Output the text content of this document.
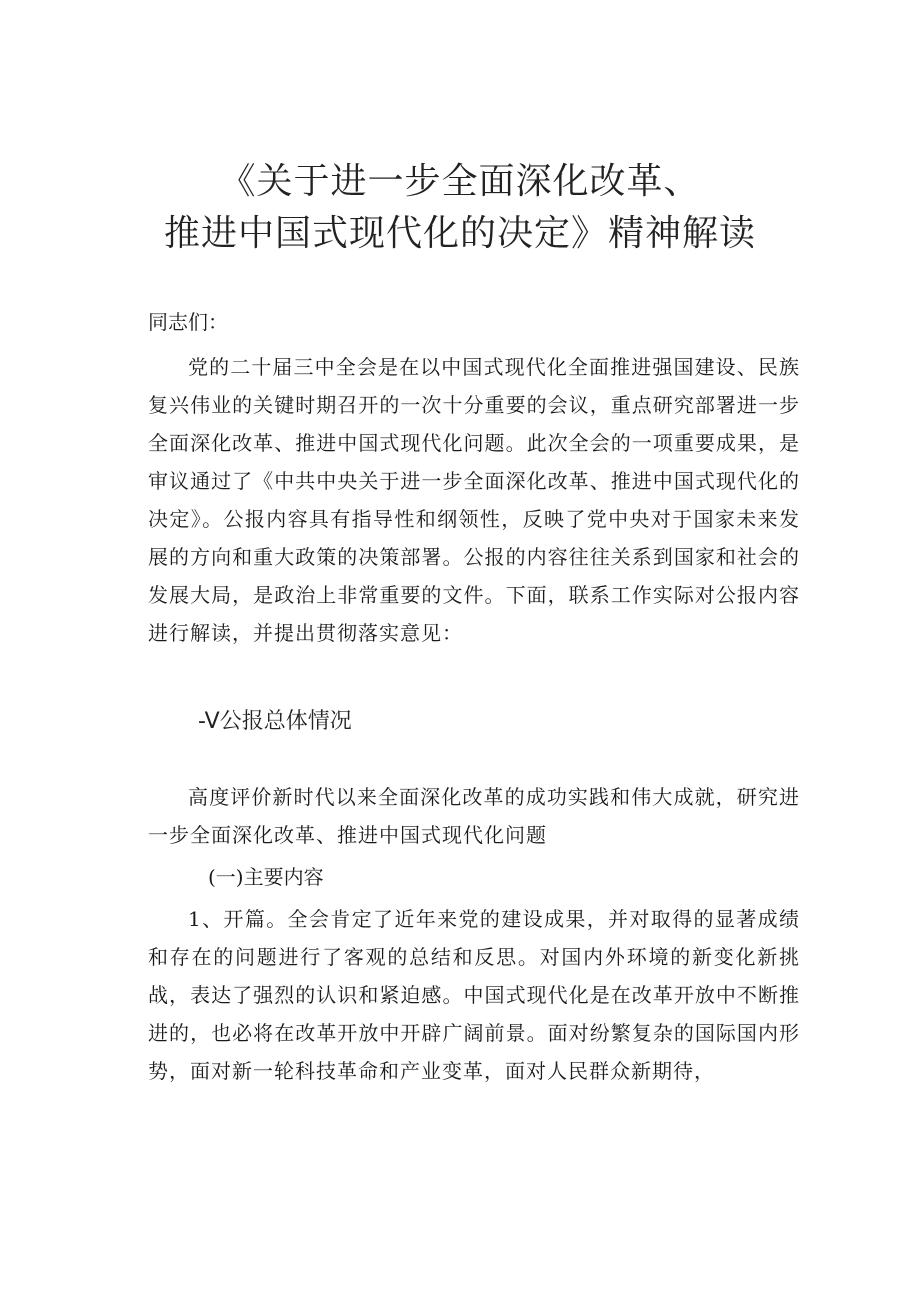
《关于进一步全面深化改革、
推进中国式现代化的决定》精神解读
同志们：
党的二十届三中全会是在以中国式现代化全面推进强国建设、民族复兴伟业的关键时期召开的一次十分重要的会议，重点研究部署进一步全面深化改革、推进中国式现代化问题。此次全会的一项重要成果，是审议通过了《中共中央关于进一步全面深化改革、推进中国式现代化的决定》。公报内容具有指导性和纲领性，反映了党中央对于国家未来发展的方向和重大政策的决策部署。公报的内容往往关系到国家和社会的发展大局，是政治上非常重要的文件。下面，联系工作实际对公报内容进行解读，并提出贯彻落实意见：
-V公报总体情况
高度评价新时代以来全面深化改革的成功实践和伟大成就，研究进一步全面深化改革、推进中国式现代化问题
(一)主要内容
1、开篇。全会肯定了近年来党的建设成果，并对取得的显著成绩和存在的问题进行了客观的总结和反思。对国内外环境的新变化新挑战，表达了强烈的认识和紧迫感。中国式现代化是在改革开放中不断推进的，也必将在改革开放中开辟广阔前景。面对纷繁复杂的国际国内形势，面对新一轮科技革命和产业变革，面对人民群众新期待，
